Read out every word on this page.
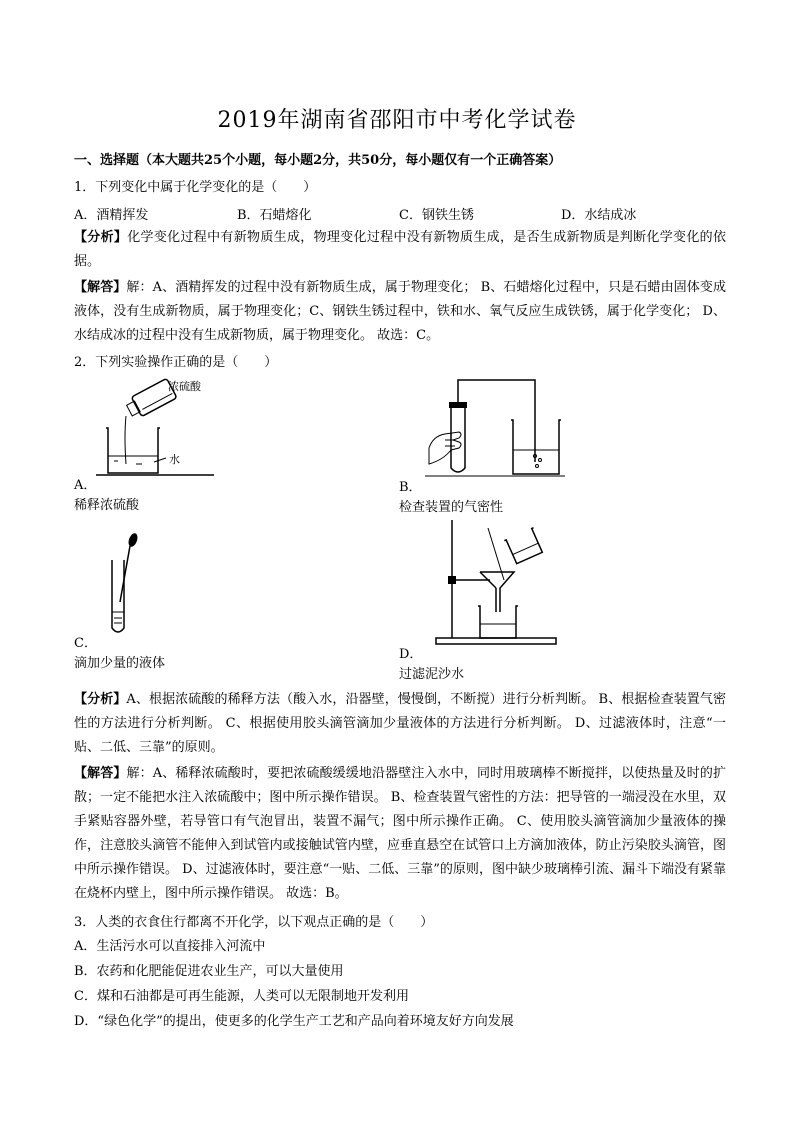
2019年湖南省邵阳市中考化学试卷
一、选择题（本大题共25个小题，每小题2分，共50分，每小题仅有一个正确答案）
1．下列变化中属于化学变化的是（　　）
A．酒精挥发	B．石蜡熔化	C．钢铁生锈	D．水结成冰
【分析】化学变化过程中有新物质生成，物理变化过程中没有新物质生成，是否生成新物质是判断化学变化的依据。
【解答】解：A、酒精挥发的过程中没有新物质生成，属于物理变化； B、石蜡熔化过程中，只是石蜡由固体变成液体，没有生成新物质，属于物理变化；C、钢铁生锈过程中，铁和水、氧气反应生成铁锈，属于化学变化； D、水结成冰的过程中没有生成新物质，属于物理变化。 故选：C。
2．下列实验操作正确的是（　　）
浓硫酸
水
A．
稀释浓硫酸
B．
检查装置的气密性
C．
滴加少量的液体
D．
过滤泥沙水
【分析】A、根据浓硫酸的稀释方法（酸入水，沿器壁，慢慢倒，不断搅）进行分析判断。 B、根据检查装置气密性的方法进行分析判断。 C、根据使用胶头滴管滴加少量液体的方法进行分析判断。 D、过滤液体时，注意“一贴、二低、三靠”的原则。
【解答】解：A、稀释浓硫酸时，要把浓硫酸缓缓地沿器壁注入水中，同时用玻璃棒不断搅拌，以使热量及时的扩散；一定不能把水注入浓硫酸中；图中所示操作错误。 B、检查装置气密性的方法：把导管的一端浸没在水里，双手紧贴容器外壁，若导管口有气泡冒出，装置不漏气；图中所示操作正确。 C、使用胶头滴管滴加少量液体的操作，注意胶头滴管不能伸入到试管内或接触试管内壁，应垂直悬空在试管口上方滴加液体，防止污染胶头滴管，图中所示操作错误。 D、过滤液体时，要注意“一贴、二低、三靠”的原则，图中缺少玻璃棒引流、漏斗下端没有紧靠在烧杯内壁上，图中所示操作错误。 故选：B。
3．人类的衣食住行都离不开化学，以下观点正确的是（　　）
A．生活污水可以直接排入河流中
B．农药和化肥能促进农业生产，可以大量使用
C．煤和石油都是可再生能源，人类可以无限制地开发利用
D．“绿色化学”的提出，使更多的化学生产工艺和产品向着环境友好方向发展
